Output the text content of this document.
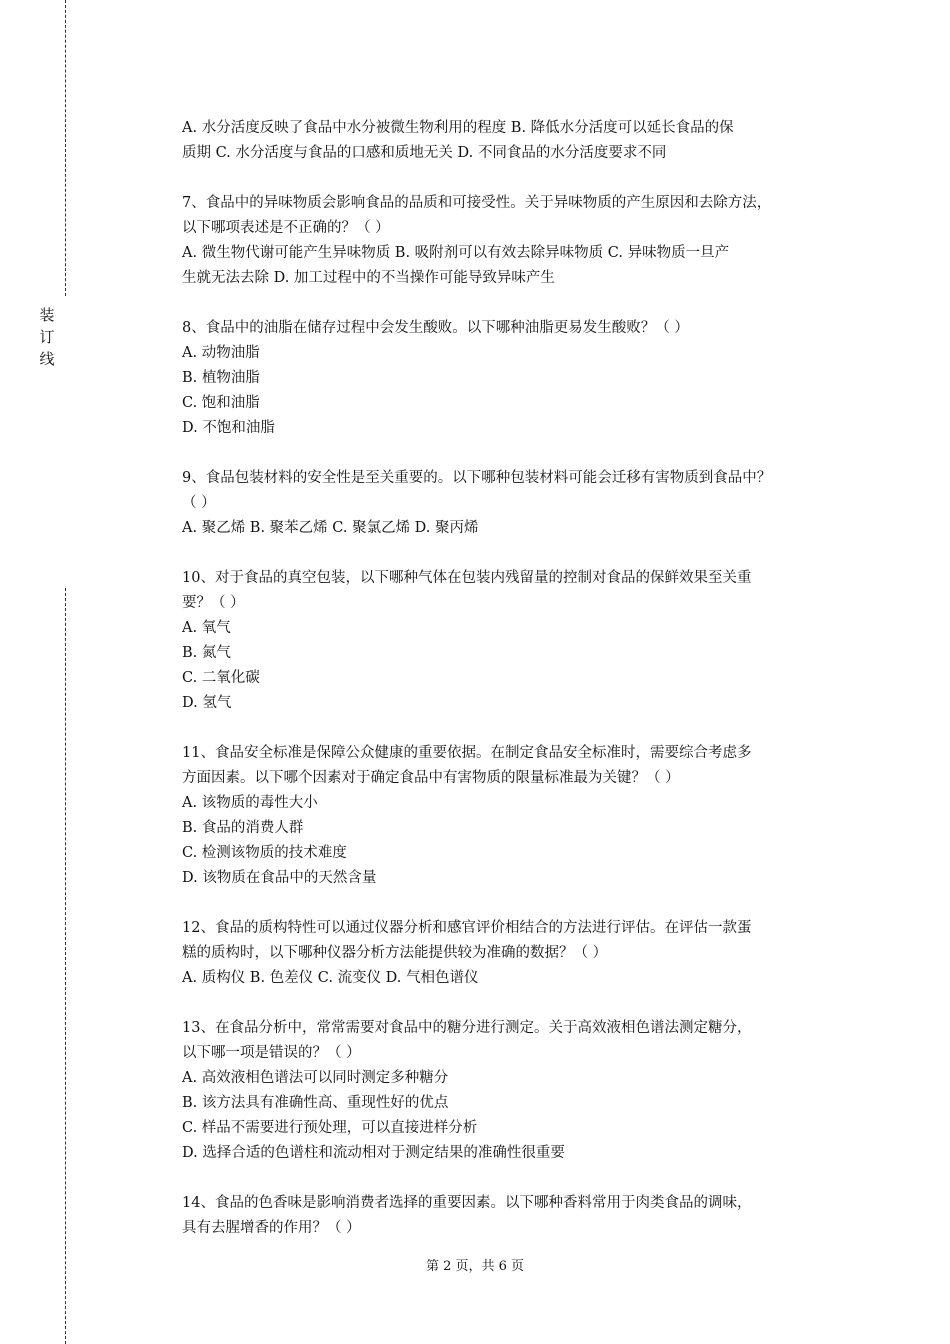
装
订
线
A. 水分活度反映了食品中水分被微生物利用的程度 B. 降低水分活度可以延长食品的保
质期 C. 水分活度与食品的口感和质地无关 D. 不同食品的水分活度要求不同
7、食品中的异味物质会影响食品的品质和可接受性。关于异味物质的产生原因和去除方法，
以下哪项表述是不正确的？（ ）
A. 微生物代谢可能产生异味物质 B. 吸附剂可以有效去除异味物质 C. 异味物质一旦产
生就无法去除 D. 加工过程中的不当操作可能导致异味产生
8、食品中的油脂在储存过程中会发生酸败。以下哪种油脂更易发生酸败？（ ）
A. 动物油脂
B. 植物油脂
C. 饱和油脂
D. 不饱和油脂
9、食品包装材料的安全性是至关重要的。以下哪种包装材料可能会迁移有害物质到食品中？
（ ）
A. 聚乙烯 B. 聚苯乙烯 C. 聚氯乙烯 D. 聚丙烯
10、对于食品的真空包装，以下哪种气体在包装内残留量的控制对食品的保鲜效果至关重
要？（ ）
A. 氧气
B. 氮气
C. 二氧化碳
D. 氢气
11、食品安全标准是保障公众健康的重要依据。在制定食品安全标准时，需要综合考虑多
方面因素。以下哪个因素对于确定食品中有害物质的限量标准最为关键？（ ）
A. 该物质的毒性大小
B. 食品的消费人群
C. 检测该物质的技术难度
D. 该物质在食品中的天然含量
12、食品的质构特性可以通过仪器分析和感官评价相结合的方法进行评估。在评估一款蛋
糕的质构时，以下哪种仪器分析方法能提供较为准确的数据？（ ）
A. 质构仪 B. 色差仪 C. 流变仪 D. 气相色谱仪
13、在食品分析中，常常需要对食品中的糖分进行测定。关于高效液相色谱法测定糖分，
以下哪一项是错误的？（ ）
A. 高效液相色谱法可以同时测定多种糖分
B. 该方法具有准确性高、重现性好的优点
C. 样品不需要进行预处理，可以直接进样分析
D. 选择合适的色谱柱和流动相对于测定结果的准确性很重要
14、食品的色香味是影响消费者选择的重要因素。以下哪种香料常用于肉类食品的调味，
具有去腥增香的作用？（ ）
第 2 页，共 6 页
